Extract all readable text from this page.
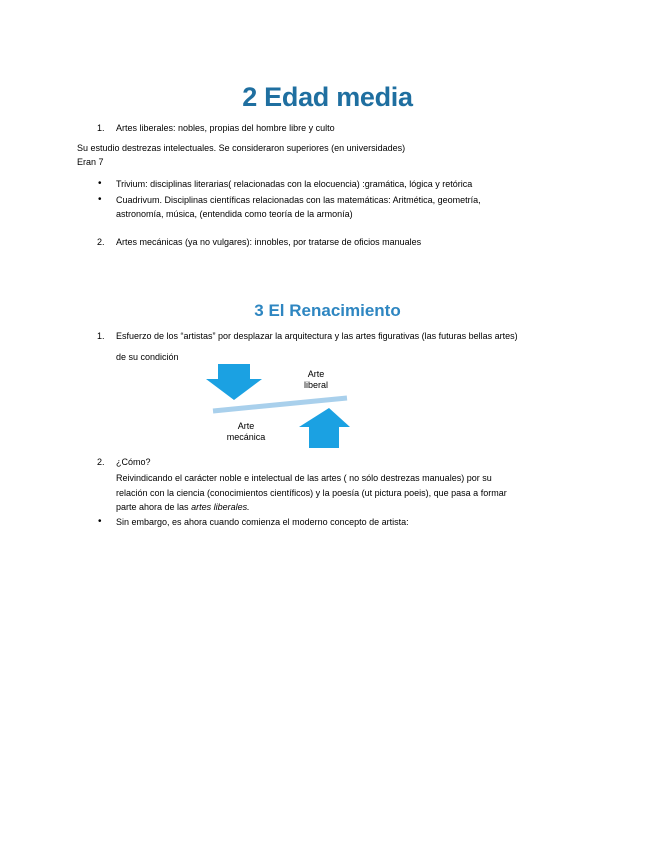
2 Edad media
1. Artes liberales: nobles, propias del hombre libre y culto
Su estudio destrezas intelectuales. Se consideraron superiores (en universidades)
Eran 7
• Trivium: disciplinas literarias( relacionadas con la elocuencia) :gramática, lógica y retórica
• Cuadrivum. Disciplinas científicas relacionadas con las matemáticas: Aritmética, geometría,
astronomía, música, (entendida como teoría de la armonía)
2. Artes mecánicas (ya no vulgares): innobles, por tratarse de oficios manuales
3 El Renacimiento
1. Esfuerzo de los “artistas” por desplazar la arquitectura y las artes figurativas (las futuras bellas artes)
de su condición
Arte
liberal
Arte
mecánica
2. ¿Cómo?
Reivindicando el carácter noble e intelectual de las artes ( no sólo destrezas manuales) por su
relación con la ciencia (conocimientos científicos) y la poesía (ut pictura poeis), que pasa a formar
parte ahora de las artes liberales.
• Sin embargo, es ahora cuando comienza el moderno concepto de artista:
